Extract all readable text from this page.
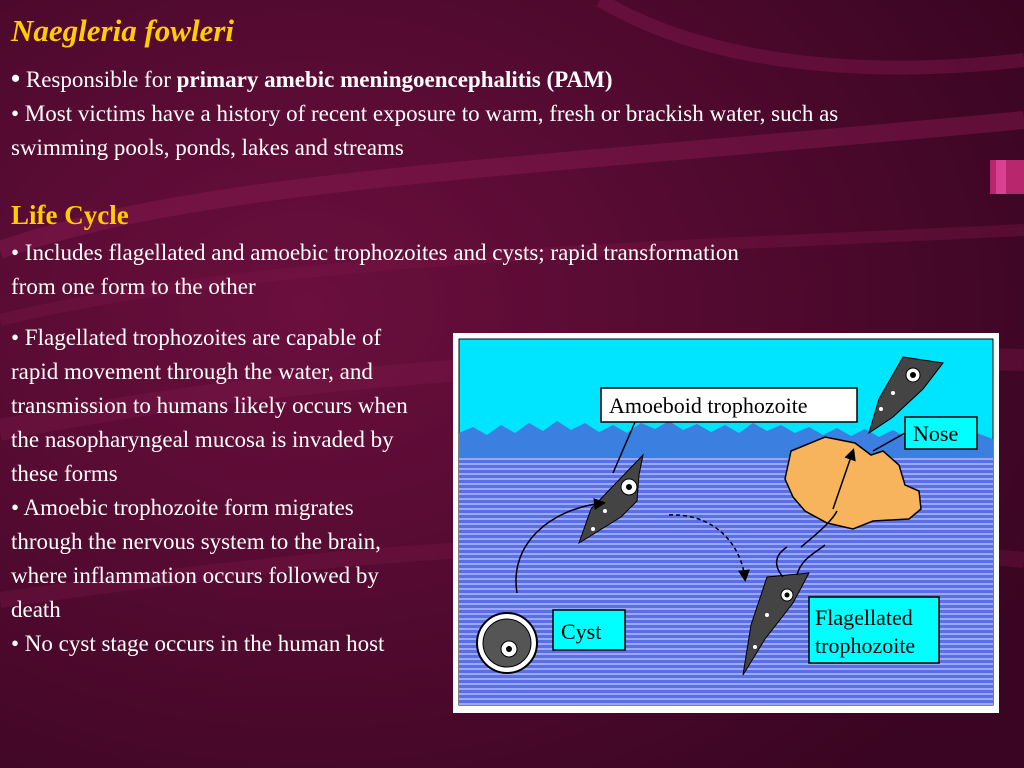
Naegleria fowleri

• Responsible for primary amebic meningoencephalitis (PAM)

• Most victims have a history of recent exposure to warm, fresh or brackish water, such as swimming pools, ponds, lakes and streams

Life Cycle

• Includes flagellated and amoebic trophozoites and cysts; rapid transformation from one form to the other

• Flagellated trophozoites are capable of rapid movement through the water, and transmission to humans likely occurs when the nasopharyngeal mucosa is invaded by these forms

• Amoebic trophozoite form migrates through the nervous system to the brain, where inflammation occurs followed by death

• No cyst stage occurs in the human host

Amoeboid trophozoite
Nose
Cyst
Flagellated
trophozoite
